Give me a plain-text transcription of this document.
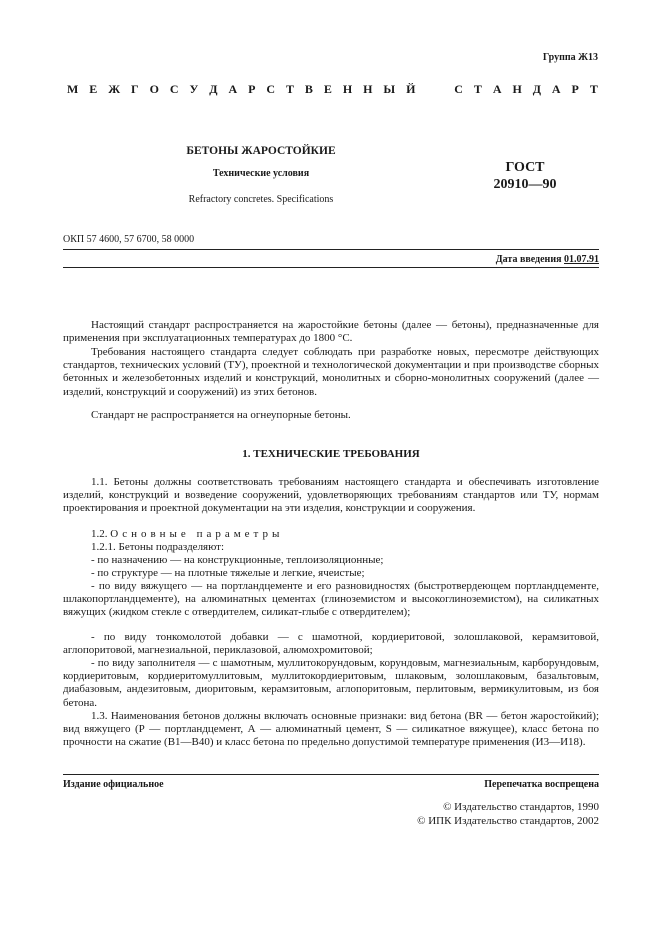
Группа Ж13
М Е Ж Г О С У Д А Р С Т В Е Н Н Ы Й

	С Т А Н Д А Р Т
БЕТОНЫ ЖАРОСТОЙКИЕ
Технические условия
Refractory concretes. Specifications
ГОСТ
20910—90
ОКП 57 4600, 57 6700, 58 0000
Дата введения 01.07.91
Настоящий стандарт распространяется на жаростойкие бетоны (далее — бетоны), предназначенные для применения при эксплуатационных температурах до 1800 °С.
Требования настоящего стандарта следует соблюдать при разработке новых, пересмотре действующих стандартов, технических условий (ТУ), проектной и технологической документации и при производстве сборных бетонных и железобетонных изделий и конструкций, монолитных и сборно-монолитных сооружений (далее — изделий, конструкций и сооружений) из этих бетонов.
Стандарт не распространяется на огнеупорные бетоны.
1. ТЕХНИЧЕСКИЕ ТРЕБОВАНИЯ
1.1. Бетоны должны соответствовать требованиям настоящего стандарта и обеспечивать изготовление изделий, конструкций и возведение сооружений, удовлетворяющих требованиям стандартов или ТУ, нормам проектирования и проектной документации на эти изделия, конструкции и сооружения.
1.2. Основные параметры
1.2.1. Бетоны подразделяют:
- по назначению — на конструкционные, теплоизоляционные;
- по структуре — на плотные тяжелые и легкие, ячеистые;
- по виду вяжущего — на портландцементе и его разновидностях (быстротвердеющем портландцементе, шлакопортландцементе), на алюминатных цементах (глиноземистом и высокоглиноземистом), на силикатных вяжущих (жидком стекле с отвердителем, силикат-глыбе с отвердителем);
- по виду тонкомолотой добавки — с шамотной, кордиеритовой, золошлаковой, керамзитовой, аглопоритовой, магнезиальной, периклазовой, алюмохромитовой;
- по виду заполнителя — с шамотным, муллитокорундовым, корундовым, магнезиальным, карборундовым, кордиеритовым, кордиеритомуллитовым, муллитокордиеритовым, шлаковым, золошлаковым, базальтовым, диабазовым, андезитовым, диоритовым, керамзитовым, аглопоритовым, перлитовым, вермикулитовым, из боя бетона.
1.3. Наименования бетонов должны включать основные признаки: вид бетона (BR — бетон жаростойкий); вид вяжущего (Р — портландцемент, А — алюминатный цемент, S — силикатное вяжущее), класс бетона по прочности на сжатие (В1—В40) и класс бетона по предельно допустимой температуре применения (И3—И18).
Издание официальное	Перепечатка воспрещена
© Издательство стандартов, 1990
© ИПК Издательство стандартов, 2002
